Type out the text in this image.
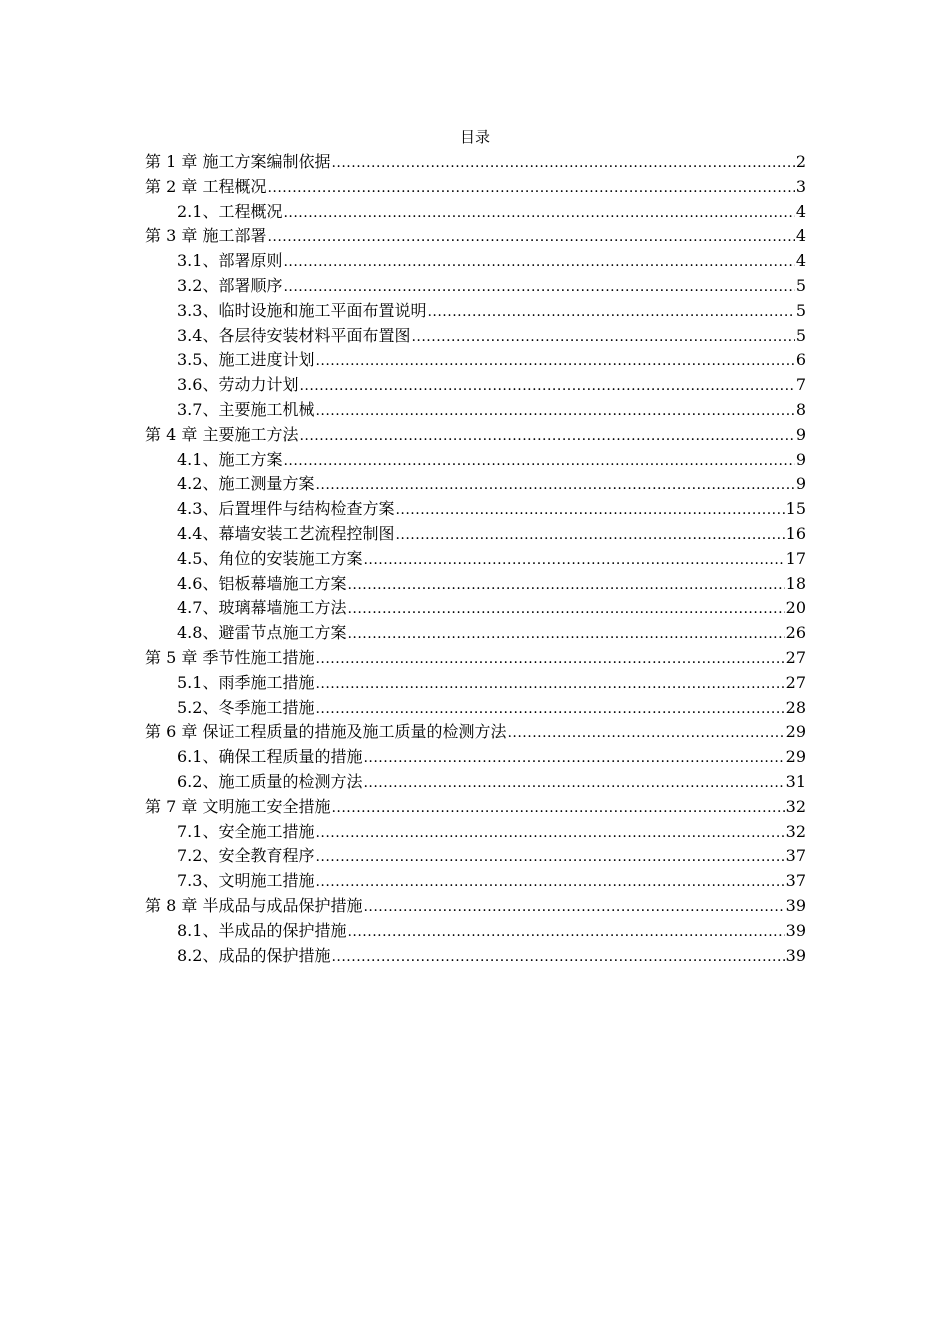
目录
第 1 章 施工方案编制依据 .....	2
第 2 章 工程概况 .....	3
2.1、工程概况 .....	4
第 3 章 施工部署 .....	4
3.1、部署原则 .....	4
3.2、部署顺序 .....	5
3.3、临时设施和施工平面布置说明 .....	5
3.4、各层待安装材料平面布置图 .....	5
3.5、施工进度计划 .....	6
3.6、劳动力计划 .....	7
3.7、主要施工机械 .....	8
第 4 章 主要施工方法 .....	9
4.1、施工方案 .....	9
4.2、施工测量方案 .....	9
4.3、后置埋件与结构检查方案 .....	15
4.4、幕墙安装工艺流程控制图 .....	16
4.5、角位的安装施工方案 .....	17
4.6、铝板幕墙施工方案 .....	18
4.7、玻璃幕墙施工方法 .....	20
4.8、避雷节点施工方案 .....	26
第 5 章 季节性施工措施 .....	27
5.1、雨季施工措施 .....	27
5.2、冬季施工措施 .....	28
第 6 章 保证工程质量的措施及施工质量的检测方法 .....	29
6.1、确保工程质量的措施 .....	29
6.2、施工质量的检测方法 .....	31
第 7 章 文明施工安全措施 .....	32
7.1、安全施工措施 .....	32
7.2、安全教育程序 .....	37
7.3、文明施工措施 .....	37
第 8 章 半成品与成品保护措施 .....	39
8.1、半成品的保护措施 .....	39
8.2、成品的保护措施 .....	39
